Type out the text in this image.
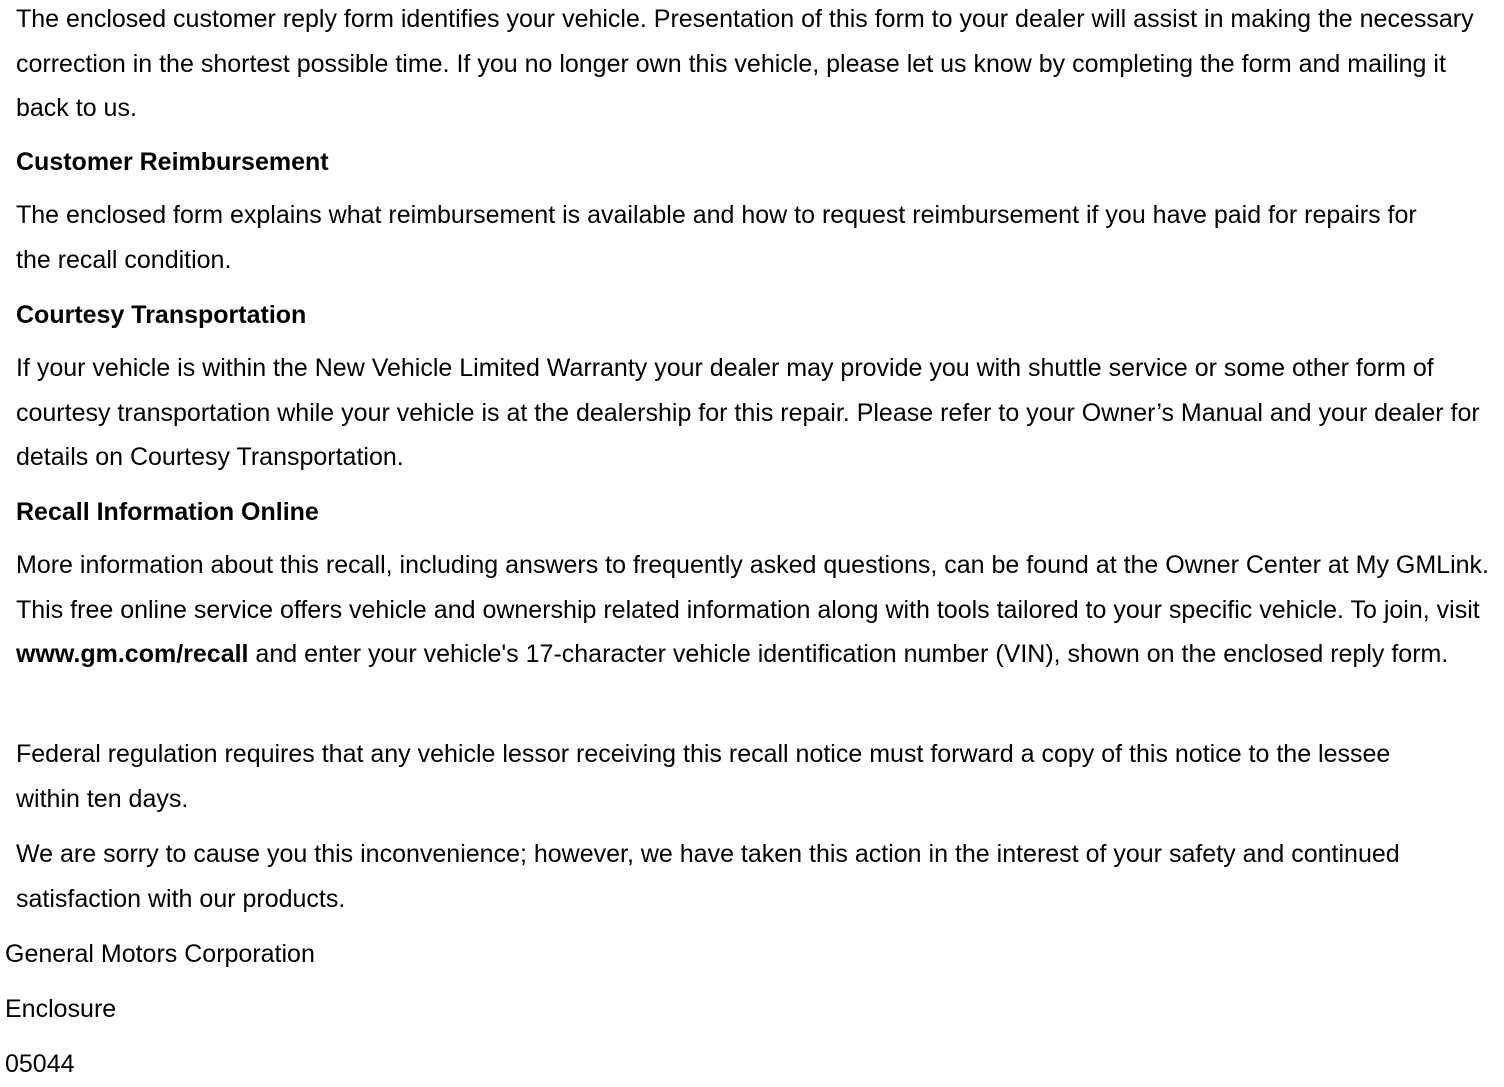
The enclosed customer reply form identifies your vehicle. Presentation of this form to your dealer will assist in making the necessary correction in the shortest possible time. If you no longer own this vehicle, please let us know by completing the form and mailing it back to us.

Customer Reimbursement

The enclosed form explains what reimbursement is available and how to request reimbursement if you have paid for repairs for the recall condition.

Courtesy Transportation

If your vehicle is within the New Vehicle Limited Warranty your dealer may provide you with shuttle service or some other form of courtesy transportation while your vehicle is at the dealership for this repair. Please refer to your Owner’s Manual and your dealer for details on Courtesy Transportation.

Recall Information Online

More information about this recall, including answers to frequently asked questions, can be found at the Owner Center at My GMLink. This free online service offers vehicle and ownership related information along with tools tailored to your specific vehicle. To join, visit www.gm.com/recall and enter your vehicle's 17-character vehicle identification number (VIN), shown on the enclosed reply form.

Federal regulation requires that any vehicle lessor receiving this recall notice must forward a copy of this notice to the lessee within ten days.

We are sorry to cause you this inconvenience; however, we have taken this action in the interest of your safety and continued satisfaction with our products.

General Motors Corporation

Enclosure

05044
